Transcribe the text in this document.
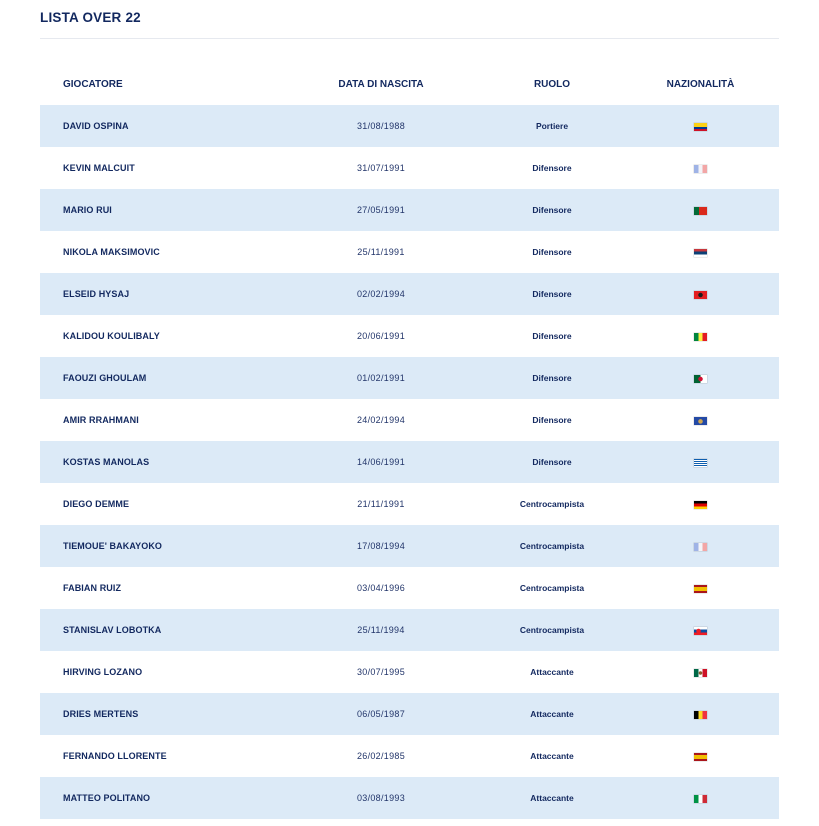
LISTA OVER 22
GIOCATORE	DATA DI NASCITA	RUOLO	NAZIONALITÀ
DAVID OSPINA	31/08/1988	Portiere	
KEVIN MALCUIT	31/07/1991	Difensore	
MARIO RUI	27/05/1991	Difensore	
NIKOLA MAKSIMOVIC	25/11/1991	Difensore	
ELSEID HYSAJ	02/02/1994	Difensore	
KALIDOU KOULIBALY	20/06/1991	Difensore	
FAOUZI GHOULAM	01/02/1991	Difensore	
AMIR RRAHMANI	24/02/1994	Difensore	
KOSTAS MANOLAS	14/06/1991	Difensore	
DIEGO DEMME	21/11/1991	Centrocampista	
TIEMOUE' BAKAYOKO	17/08/1994	Centrocampista	
FABIAN RUIZ	03/04/1996	Centrocampista	
STANISLAV LOBOTKA	25/11/1994	Centrocampista	
HIRVING LOZANO	30/07/1995	Attaccante	
DRIES MERTENS	06/05/1987	Attaccante	
FERNANDO LLORENTE	26/02/1985	Attaccante	
MATTEO POLITANO	03/08/1993	Attaccante	
